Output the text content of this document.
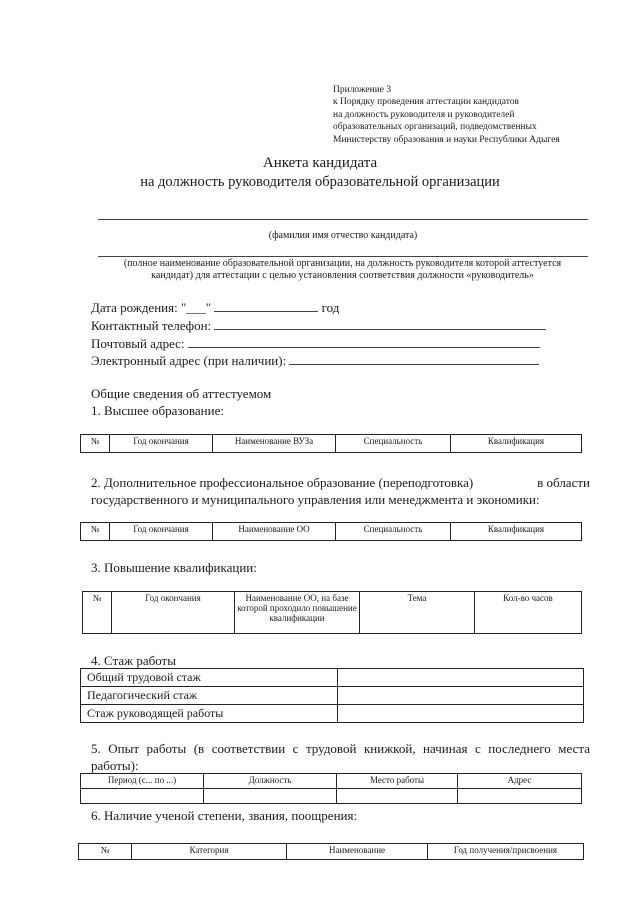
Приложение 3
к Порядку проведения аттестации кандидатов
на должность руководителя и руководителей
образовательных организаций, подведомственных
Министерству образования и науки Республики Адыгея
Анкета кандидата
на должность руководителя образовательной организации
(фамилия имя отчество кандидата)
(полное наименование образовательной организации, на должность руководителя которой аттестуется
кандидат) для аттестации с целью установления соответствия должности «руководитель»
Дата рождения: "___"	год
Контактный телефон:
Почтовый адрес:
Электронный адрес (при наличии):
Общие сведения об аттестуемом
1. Высшее образование:
№	Год окончания	Наименование ВУЗа	Специальность	Квалификация
2. Дополнительное профессиональное образование (переподготовка)	в области
государственного и муниципального управления или менеджмента и экономики:
№	Год окончания	Наименование ОО	Специальность	Квалификация
3. Повышение квалификации:
№	Год окончания	Наименование ОО, на базе которой проходило повышение квалификации	Тема	Кол-во часов
4. Стаж работы
Общий трудовой стаж	
Педагогический стаж	
Стаж руководящей работы	
5. Опыт работы (в соответствии с трудовой книжкой, начиная с последнего места работы):
Период (с... по ...)	Должность	Место работы	Адрес

6. Наличие ученой степени, звания, поощрения:
№	Категория	Наименование	Год получения/присвоения
